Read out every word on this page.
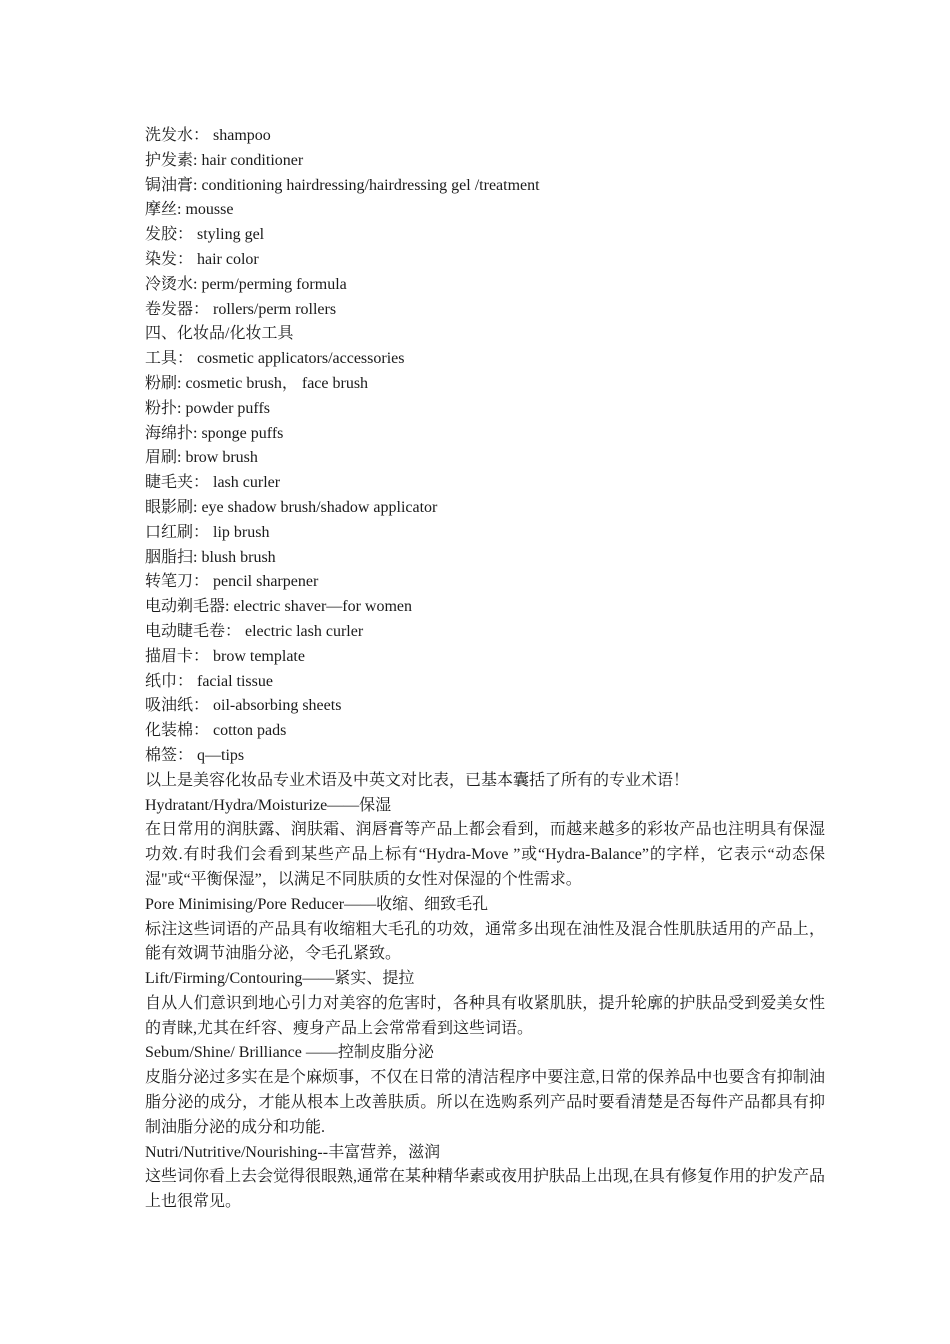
洗发水： shampoo
护发素: hair conditioner
锔油膏: conditioning hairdressing/hairdressing gel /treatment
摩丝: mousse
发胶： styling gel
染发： hair color
冷烫水: perm/perming formula
卷发器： rollers/perm rollers
四、化妆品/化妆工具
工具： cosmetic applicators/accessories
粉刷: cosmetic brush， face brush
粉扑: powder puffs
海绵扑: sponge puffs
眉刷: brow brush
睫毛夹： lash curler
眼影刷: eye shadow brush/shadow applicator
口红刷： lip brush
胭脂扫: blush brush
转笔刀： pencil sharpener
电动剃毛器: electric shaver—for women
电动睫毛卷： electric lash curler
描眉卡： brow template
纸巾： facial tissue
吸油纸： oil-absorbing sheets
化装棉： cotton pads
棉签： q—tips
以上是美容化妆品专业术语及中英文对比表，已基本囊括了所有的专业术语！
Hydratant/Hydra/Moisturize——保湿
在日常用的润肤露、润肤霜、润唇膏等产品上都会看到，而越来越多的彩妆产品也注明具有保湿功效.有时我们会看到某些产品上标有“Hydra-Move ”或“Hydra-Balance”的字样，它表示“动态保湿"或“平衡保湿”，以满足不同肤质的女性对保湿的个性需求。
Pore Minimising/Pore Reducer——收缩、细致毛孔
标注这些词语的产品具有收缩粗大毛孔的功效，通常多出现在油性及混合性肌肤适用的产品上，能有效调节油脂分泌，令毛孔紧致。
Lift/Firming/Contouring——紧实、提拉
自从人们意识到地心引力对美容的危害时，各种具有收紧肌肤，提升轮廓的护肤品受到爱美女性的青睐,尤其在纤容、瘦身产品上会常常看到这些词语。
Sebum/Shine/ Brilliance ——控制皮脂分泌
皮脂分泌过多实在是个麻烦事，不仅在日常的清洁程序中要注意,日常的保养品中也要含有抑制油脂分泌的成分，才能从根本上改善肤质。所以在选购系列产品时要看清楚是否每件产品都具有抑制油脂分泌的成分和功能.
Nutri/Nutritive/Nourishing--丰富营养，滋润
这些词你看上去会觉得很眼熟,通常在某种精华素或夜用护肤品上出现,在具有修复作用的护发产品上也很常见。
